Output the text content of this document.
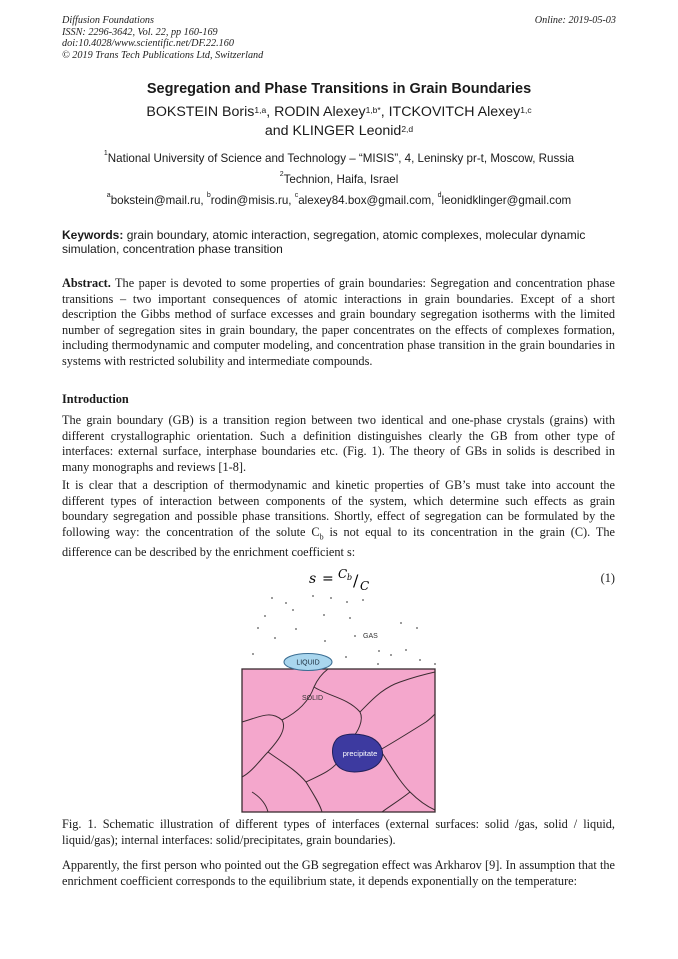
Diffusion Foundations
ISSN: 2296-3642, Vol. 22, pp 160-169
doi:10.4028/www.scientific.net/DF.22.160
© 2019 Trans Tech Publications Ltd, Switzerland
Online: 2019-05-03
Segregation and Phase Transitions in Grain Boundaries
BOKSTEIN Boris$^{1,a}$, RODIN Alexey$^{1,b*}$, ITCKOVITCH Alexey$^{1,c}$
and KLINGER Leonid$^{2,d}$
$^1$National University of Science and Technology – “MISIS”, 4, Leninsky pr-t, Moscow, Russia
$^2$Technion, Haifa, Israel
$^a$bokstein@mail.ru, $^b$rodin@misis.ru, $^c$alexey84.box@gmail.com, $^d$leonidklinger@gmail.com
Keywords: grain boundary, atomic interaction, segregation, atomic complexes, molecular dynamic simulation, concentration phase transition
Abstract. The paper is devoted to some properties of grain boundaries: Segregation and concentration phase transitions – two important consequences of atomic interactions in grain boundaries. Except of a short description the Gibbs method of surface excesses and grain boundary segregation isotherms with the limited number of segregation sites in grain boundary, the paper concentrates on the effects of complexes formation, including thermodynamic and computer modeling, and concentration phase transition in the grain boundaries in systems with restricted solubility and intermediate compounds.
Introduction
The grain boundary (GB) is a transition region between two identical and one-phase crystals (grains) with different crystallographic orientation. Such a definition distinguishes clearly the GB from other type of interfaces: external surface, interphase boundaries etc. (Fig. 1). The theory of GBs in solids is described in many monographs and reviews [1-8].
It is clear that a description of thermodynamic and kinetic properties of GB’s must take into account the different types of interaction between components of the system, which determine such effects as grain boundary segregation and possible phase transitions. Shortly, effect of segregation can be formulated by the following way: the concentration of the solute $C_b$ is not equal to its concentration in the grain (C). The difference can be described by the enrichment coefficient s:
s = C b / C
(1)
GAS
SOLID
LIQUID
precipitate
Fig. 1. Schematic illustration of different types of interfaces (external surfaces: solid /gas, solid / liquid, liquid/gas); internal interfaces: solid/precipitates, grain boundaries).
Apparently, the first person who pointed out the GB segregation effect was Arkharov [9]. In assumption that the enrichment coefficient corresponds to the equilibrium state, it depends exponentially on the temperature:
